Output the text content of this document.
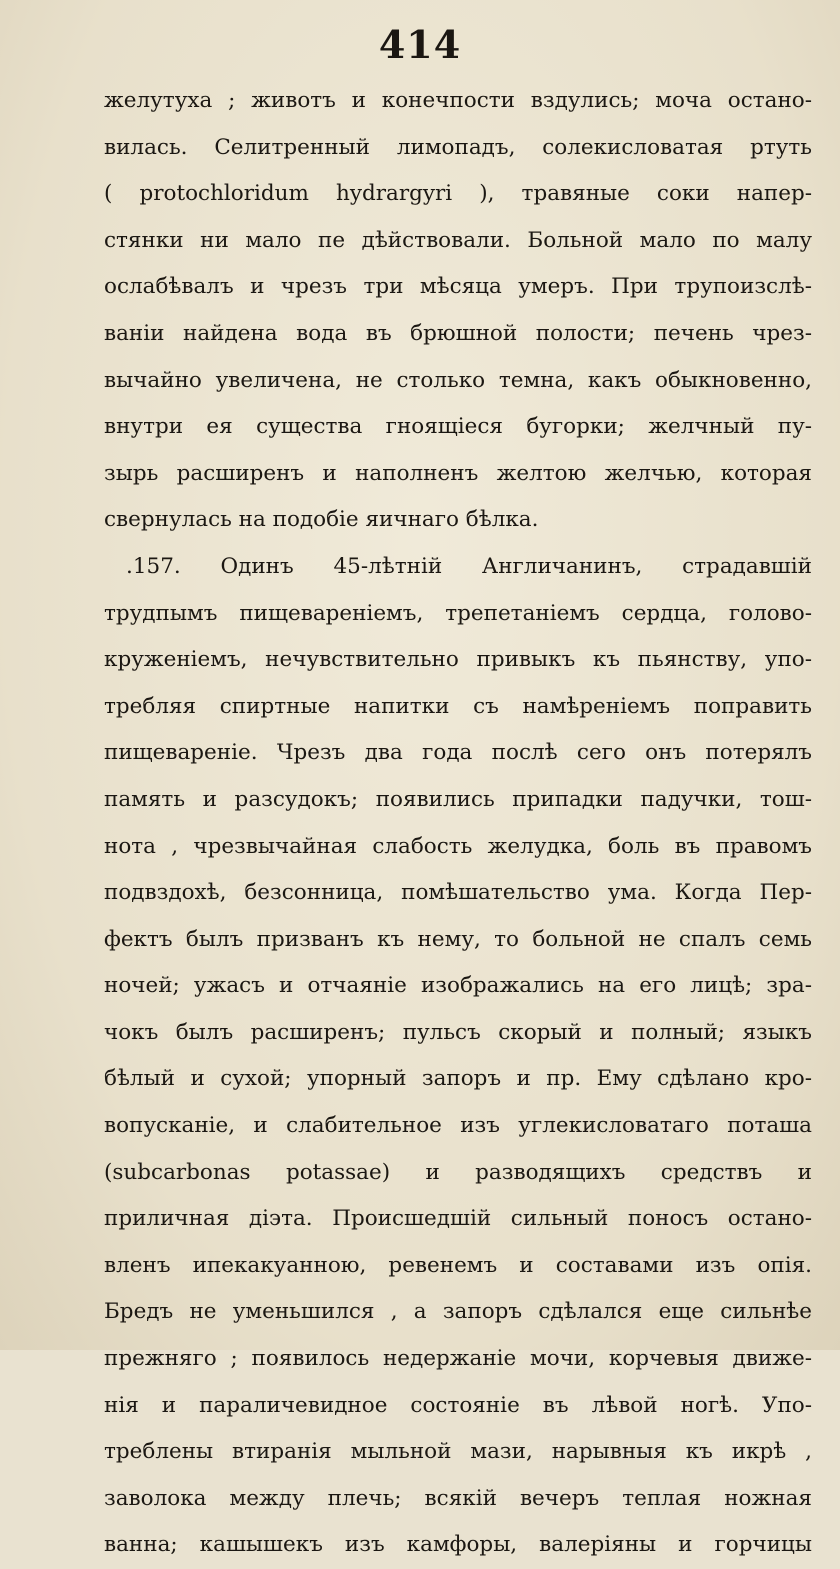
414
желутуха ; животъ и конечпости вздулись; моча остано-
вилась. Селитренный лимопадъ, солекисловатая ртуть
( protochloridum hydrargyri ), травяные соки напер-
стянки ни мало пе дѣйствовали. Больной мало по малу
ослабѣвалъ и чрезъ три мѣсяца умеръ. При трупоизслѣ-
ванiи найдена вода въ брюшной полости; печень чрез-
вычайно увеличена, не столько темна, какъ обыкновенно,
внутри ея существа гноящiеся бугорки; желчный пу-
зырь расширенъ и наполненъ желтою желчью, которая
свернулась на подобiе яичнаго бѣлка.
.157. Одинъ 45-лѣтнiй Англичанинъ, страдавшiй
трудпымъ пищеваренiемъ, трепетанiемъ сердца, голово-
круженiемъ, нечувствительно привыкъ къ пьянству, упо-
требляя спиртные напитки съ намѣренiемъ поправить
пищеваренiе. Чрезъ два года послѣ сего онъ потерялъ
память и разсудокъ; появились припадки падучки, тош-
нота , чрезвычайная слабость желудка, боль въ правомъ
подвздохѣ, безсонница, помѣшательство ума. Когда Пер-
фектъ былъ призванъ къ нему, то больной не спалъ семь
ночей; ужасъ и отчаянiе изображались на его лицѣ; зра-
чокъ былъ расширенъ; пульсъ скорый и полный; языкъ
бѣлый и сухой; упорный запоръ и пр. Ему сдѣлано кро-
вопусканiе, и слабительное изъ углекисловатаго поташа
(subcarbonas potassae) и разводящихъ средствъ и
приличная дiэта. Происшедшiй сильный поносъ остано-
вленъ ипекакуанною, ревенемъ и составами изъ опiя.
Бредъ не уменьшился , а запоръ сдѣлался еще сильнѣе
прежняго ; появилось недержанiе мочи, корчевыя движе-
нiя и параличевидное состоянiе въ лѣвой ногѣ. Упо-
треблены втиранiя мыльной мази, нарывныя къ икрѣ ,
заволока между плечь; всякiй вечеръ теплая ножная
ванна; кашышекъ изъ камфоры, валерiяны и горчицы
